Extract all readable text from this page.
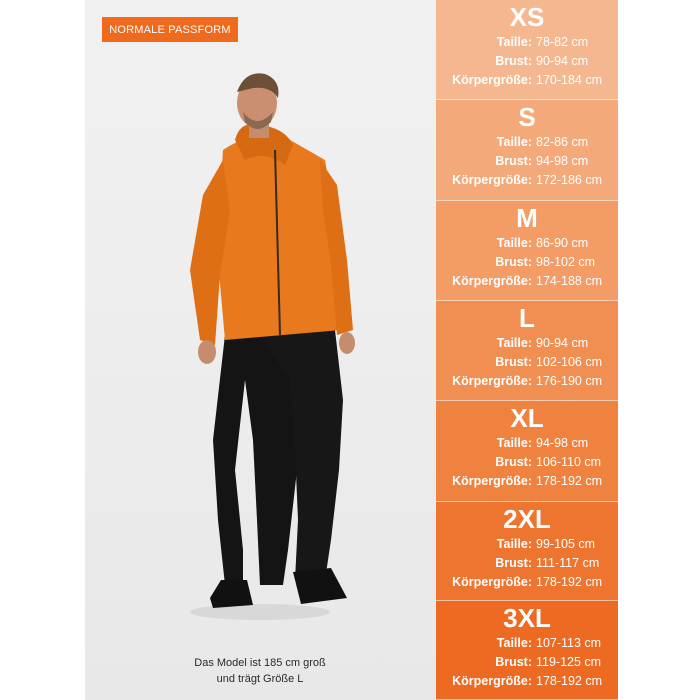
NORMALE PASSFORM
Das Model ist 185 cm groß
und trägt Größe L
XS
Taille: 78-82 cm
Brust: 90-94 cm
Körpergröße: 170-184 cm
S
Taille: 82-86 cm
Brust: 94-98 cm
Körpergröße: 172-186 cm
M
Taille: 86-90 cm
Brust: 98-102 cm
Körpergröße: 174-188 cm
L
Taille: 90-94 cm
Brust: 102-106 cm
Körpergröße: 176-190 cm
XL
Taille: 94-98 cm
Brust: 106-110 cm
Körpergröße: 178-192 cm
2XL
Taille: 99-105 cm
Brust: 111-117 cm
Körpergröße: 178-192 cm
3XL
Taille: 107-113 cm
Brust: 119-125 cm
Körpergröße: 178-192 cm
